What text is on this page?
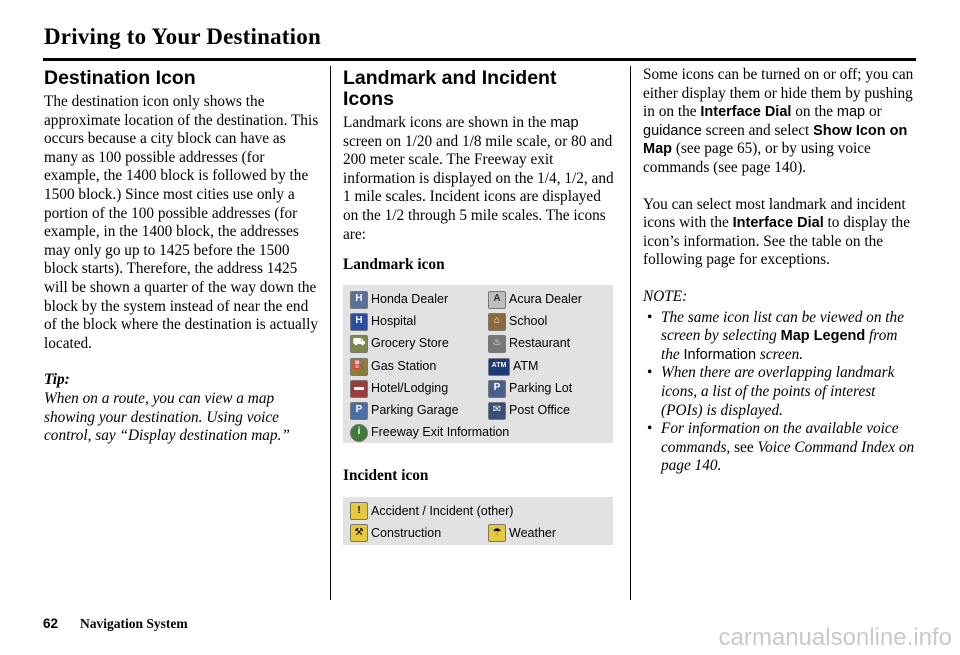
Driving to Your Destination
Destination Icon

The destination icon only shows the approximate location of the destination. This occurs because a city block can have as many as 100 possible addresses (for example, the 1400 block is followed by the 1500 block.) Since most cities use only a portion of the 100 possible addresses (for example, in the 1400 block, the addresses may only go up to 1425 before the 1500 block starts). Therefore, the address 1425 will be shown a quarter of the way down the block by the system instead of near the end of the block where the destination is actually located.

Tip:

When on a route, you can view a map showing your destination. Using voice control, say “Display destination map.”

Landmark and Incident
Icons

Landmark icons are shown in the map screen on 1/20 and 1/8 mile scale, or 80 and 200 meter scale. The Freeway exit information is displayed on the 1/4, 1/2, and 1 mile scales. Incident icons are displayed on the 1/2 through 5 mile scales. The icons are:

Landmark icon

H Honda Dealer	A Acura Dealer
H Hospital	⌂ School
⛟ Grocery Store	♨ Restaurant
⛽ Gas Station	ATM ATM
▬ Hotel/Lodging	P Parking Lot
P Parking Garage	✉ Post Office
i Freeway Exit Information

Incident icon

! Accident / Incident (other)
⚒ Construction	☂ Weather

Some icons can be turned on or off; you can either display them or hide them by pushing in on the Interface Dial on the map or guidance screen and select Show Icon on Map (see page 65), or by using voice commands (see page 140).

You can select most landmark and incident icons with the Interface Dial to display the icon’s information. See the table on the following page for exceptions.

NOTE:

• The same icon list can be viewed on the screen by selecting Map Legend from the Information screen.
• When there are overlapping landmark icons, a list of the points of interest (POIs) is displayed.
• For information on the available voice commands, see Voice Command Index on page 140.
62 Navigation System
carmanualsonline.info
